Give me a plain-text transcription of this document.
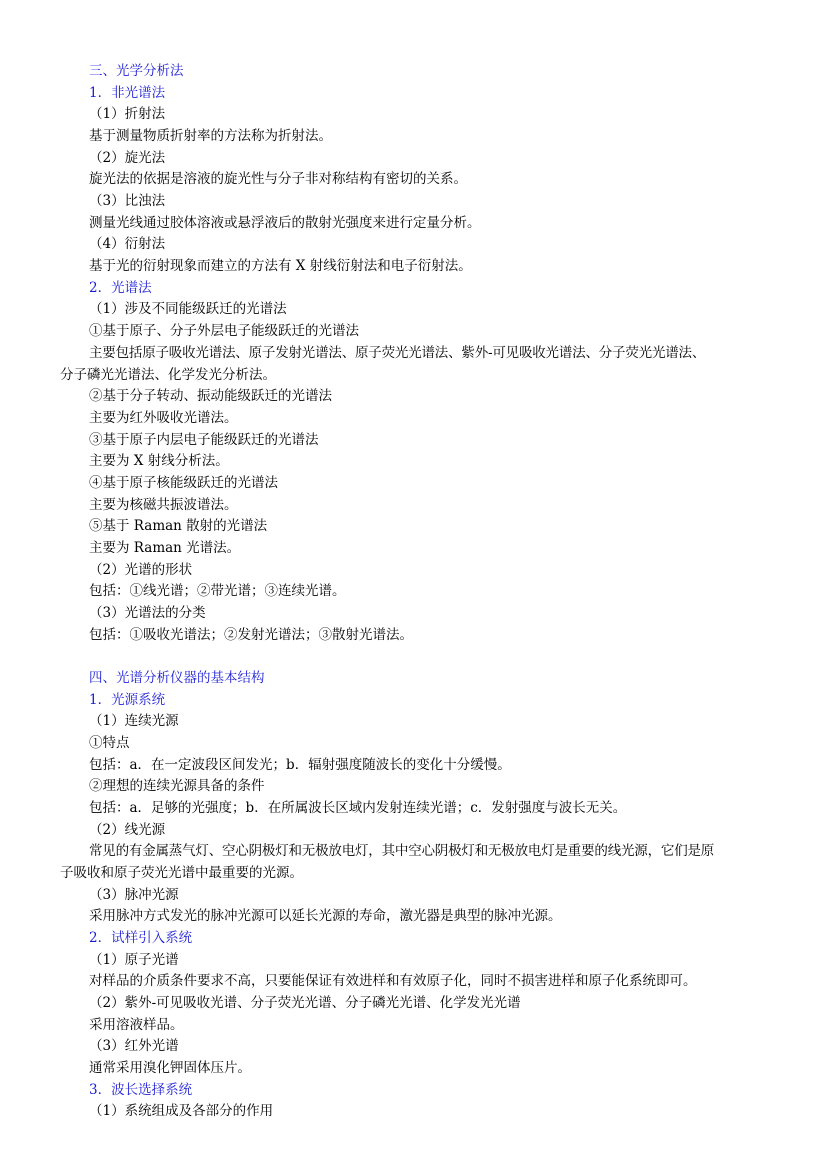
三、光学分析法
1．非光谱法
（1）折射法
基于测量物质折射率的方法称为折射法。
（2）旋光法
旋光法的依据是溶液的旋光性与分子非对称结构有密切的关系。
（3）比浊法
测量光线通过胶体溶液或悬浮液后的散射光强度来进行定量分析。
（4）衍射法
基于光的衍射现象而建立的方法有 X 射线衍射法和电子衍射法。
2．光谱法
（1）涉及不同能级跃迁的光谱法
①基于原子、分子外层电子能级跃迁的光谱法
主要包括原子吸收光谱法、原子发射光谱法、原子荧光光谱法、紫外-可见吸收光谱法、分子荧光光谱法、
分子磷光光谱法、化学发光分析法。
②基于分子转动、振动能级跃迁的光谱法
主要为红外吸收光谱法。
③基于原子内层电子能级跃迁的光谱法
主要为 X 射线分析法。
④基于原子核能级跃迁的光谱法
主要为核磁共振波谱法。
⑤基于 Raman 散射的光谱法
主要为 Raman 光谱法。
（2）光谱的形状
包括：①线光谱；②带光谱；③连续光谱。
（3）光谱法的分类
包括：①吸收光谱法；②发射光谱法；③散射光谱法。
四、光谱分析仪器的基本结构
1．光源系统
（1）连续光源
①特点
包括：a．在一定波段区间发光；b．辐射强度随波长的变化十分缓慢。
②理想的连续光源具备的条件
包括：a．足够的光强度；b．在所属波长区域内发射连续光谱；c．发射强度与波长无关。
（2）线光源
常见的有金属蒸气灯、空心阴极灯和无极放电灯，其中空心阴极灯和无极放电灯是重要的线光源，它们是原
子吸收和原子荧光光谱中最重要的光源。
（3）脉冲光源
采用脉冲方式发光的脉冲光源可以延长光源的寿命，激光器是典型的脉冲光源。
2．试样引入系统
（1）原子光谱
对样品的介质条件要求不高，只要能保证有效进样和有效原子化，同时不损害进样和原子化系统即可。
（2）紫外-可见吸收光谱、分子荧光光谱、分子磷光光谱、化学发光光谱
采用溶液样品。
（3）红外光谱
通常采用溴化钾固体压片。
3．波长选择系统
（1）系统组成及各部分的作用
